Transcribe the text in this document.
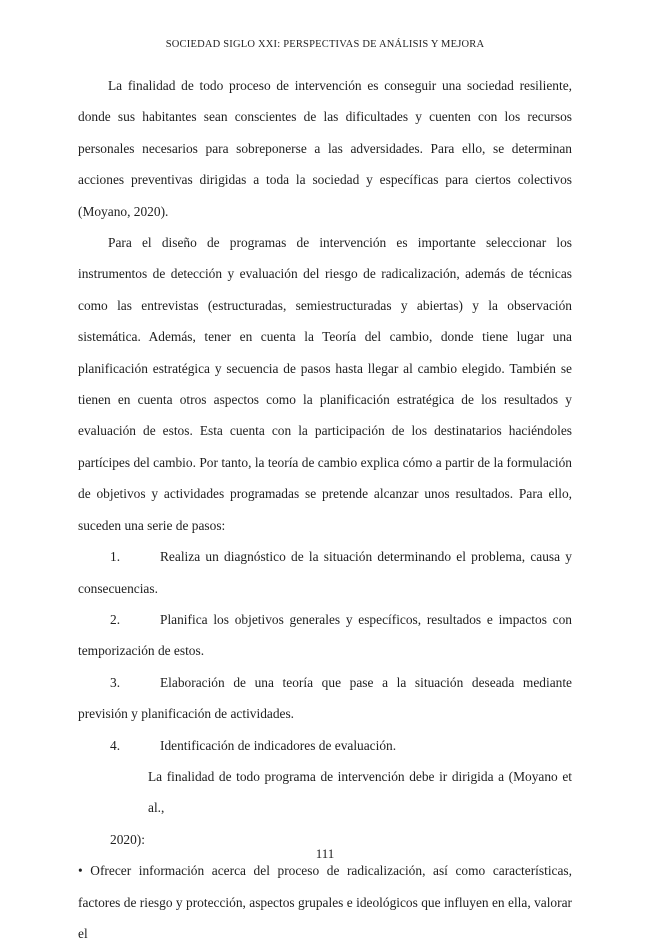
SOCIEDAD SIGLO XXI: PERSPECTIVAS DE ANÁLISIS Y MEJORA

La finalidad de todo proceso de intervención es conseguir una sociedad resiliente, donde sus habitantes sean conscientes de las dificultades y cuenten con los recursos personales necesarios para sobreponerse a las adversidades. Para ello, se determinan acciones preventivas dirigidas a toda la sociedad y específicas para ciertos colectivos (Moyano, 2020).

Para el diseño de programas de intervención es importante seleccionar los instrumentos de detección y evaluación del riesgo de radicalización, además de técnicas como las entrevistas (estructuradas, semiestructuradas y abiertas) y la observación sistemática. Además, tener en cuenta la Teoría del cambio, donde tiene lugar una planificación estratégica y secuencia de pasos hasta llegar al cambio elegido. También se tienen en cuenta otros aspectos como la planificación estratégica de los resultados y evaluación de estos. Esta cuenta con la participación de los destinatarios haciéndoles partícipes del cambio. Por tanto, la teoría de cambio explica cómo a partir de la formulación de objetivos y actividades programadas se pretende alcanzar unos resultados. Para ello, suceden una serie de pasos:

1.	Realiza un diagnóstico de la situación determinando el problema, causa y consecuencias.

2.	Planifica los objetivos generales y específicos, resultados e impactos con temporización de estos.

3.	Elaboración de una teoría que pase a la situación deseada mediante previsión y planificación de actividades.

4.	Identificación de indicadores de evaluación.

La finalidad de todo programa de intervención debe ir dirigida a (Moyano et al.,

2020):

• Ofrecer información acerca del proceso de radicalización, así como características, factores de riesgo y protección, aspectos grupales e ideológicos que influyen en ella, valorar el

111
